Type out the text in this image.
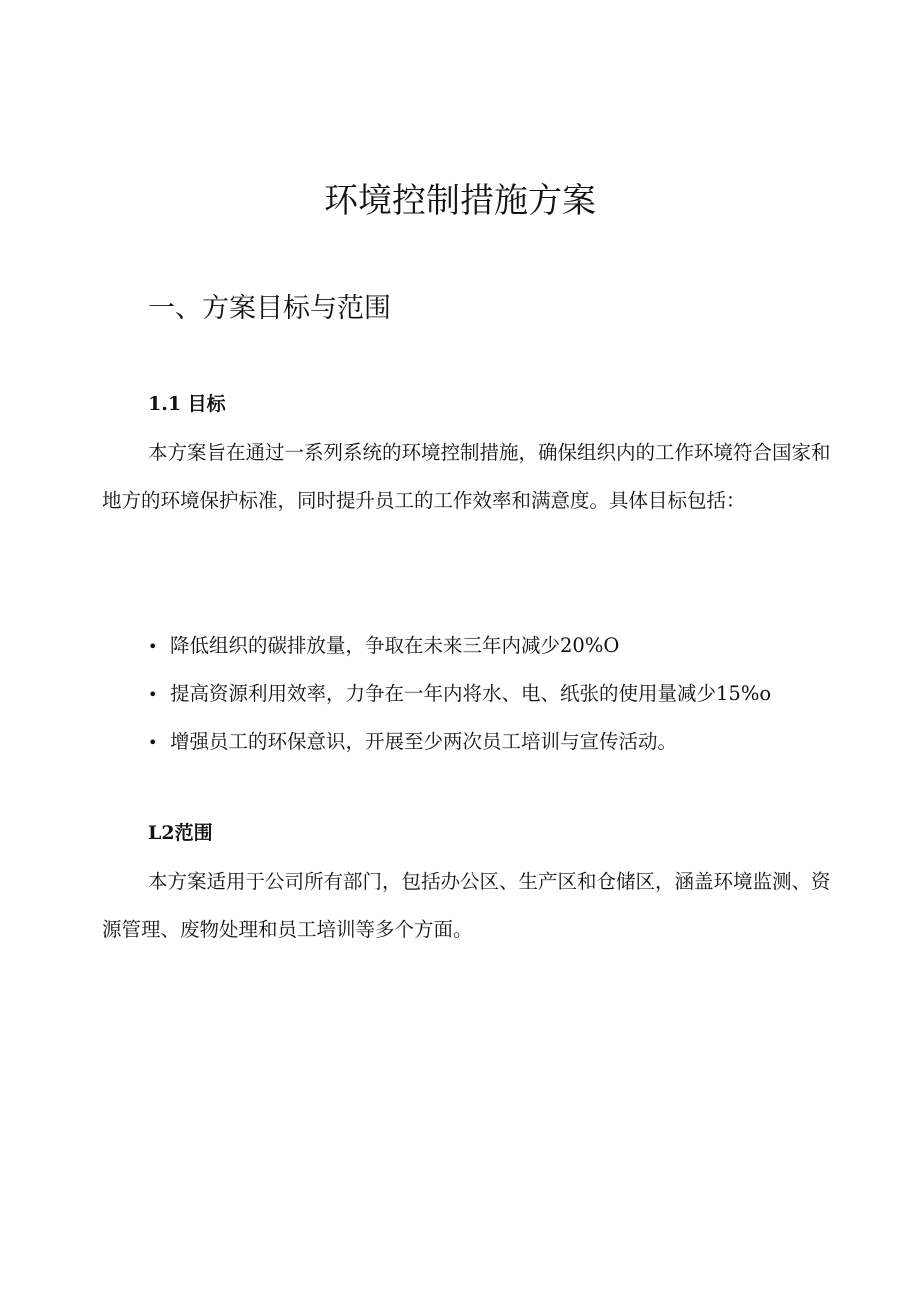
环境控制措施方案
一、方案目标与范围
1.1 目标

本方案旨在通过一系列系统的环境控制措施，确保组织内的工作环境符合国家和地方的环境保护标准，同时提升员工的工作效率和满意度。具体目标包括：

• 降低组织的碳排放量，争取在未来三年内减少20%O
• 提高资源利用效率，力争在一年内将水、电、纸张的使用量减少15%o
• 增强员工的环保意识，开展至少两次员工培训与宣传活动。
L2范围

本方案适用于公司所有部门，包括办公区、生产区和仓储区，涵盖环境监测、资源管理、废物处理和员工培训等多个方面。
